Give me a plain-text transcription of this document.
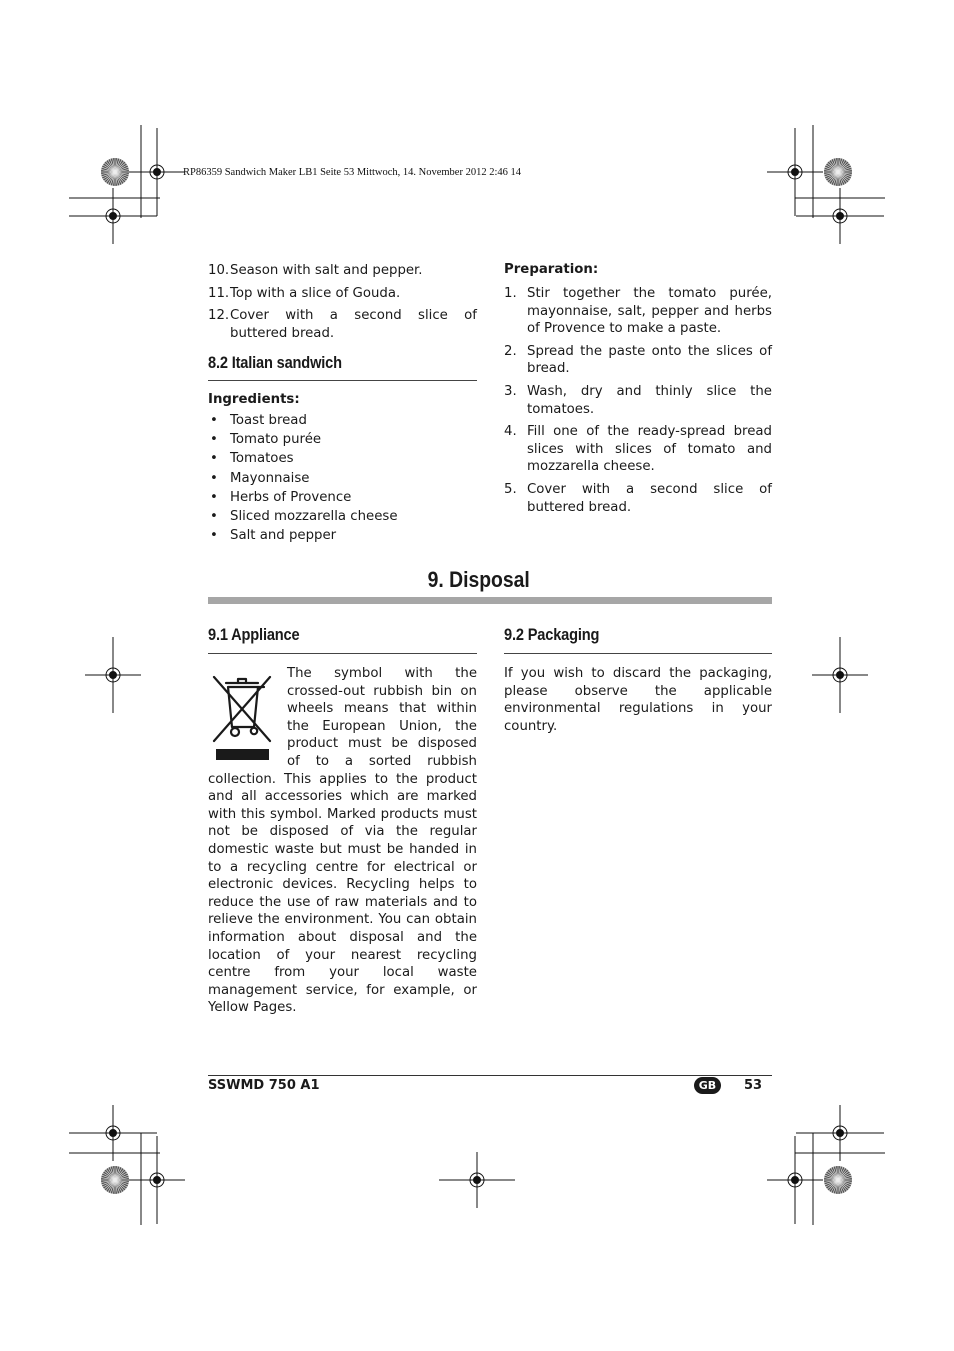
RP86359 Sandwich Maker LB1 Seite 53 Mittwoch, 14. November 2012 2:46 14
10. Season with salt and pepper.
11. Top with a slice of Gouda.
12. Cover with a second slice of buttered bread.
8.2 Italian sandwich
Ingredients:
• Toast bread
• Tomato purée
• Tomatoes
• Mayonnaise
• Herbs of Provence
• Sliced mozzarella cheese
• Salt and pepper
Preparation:
1. Stir together the tomato purée, mayonnaise, salt, pepper and herbs of Provence to make a paste.
2. Spread the paste onto the slices of bread.
3. Wash, dry and thinly slice the tomatoes.
4. Fill one of the ready-spread bread slices with slices of tomato and mozzarella cheese.
5. Cover with a second slice of buttered bread.
9. Disposal
9.1 Appliance
The symbol with the crossed-out rubbish bin on wheels means that within the European Union, the product must be disposed of to a sorted rubbish collection. This applies to the product and all accessories which are marked with this symbol. Marked products must not be disposed of via the regular domestic waste but must be handed in to a recycling centre for electrical or electronic devices. Recycling helps to reduce the use of raw materials and to relieve the environment. You can obtain information about disposal and the location of your nearest recycling centre from your local waste management service, for example, or Yellow Pages.
9.2 Packaging
If you wish to discard the packaging, please observe the applicable environmental regulations in your country.
SSWMD 750 A1	GB	53
